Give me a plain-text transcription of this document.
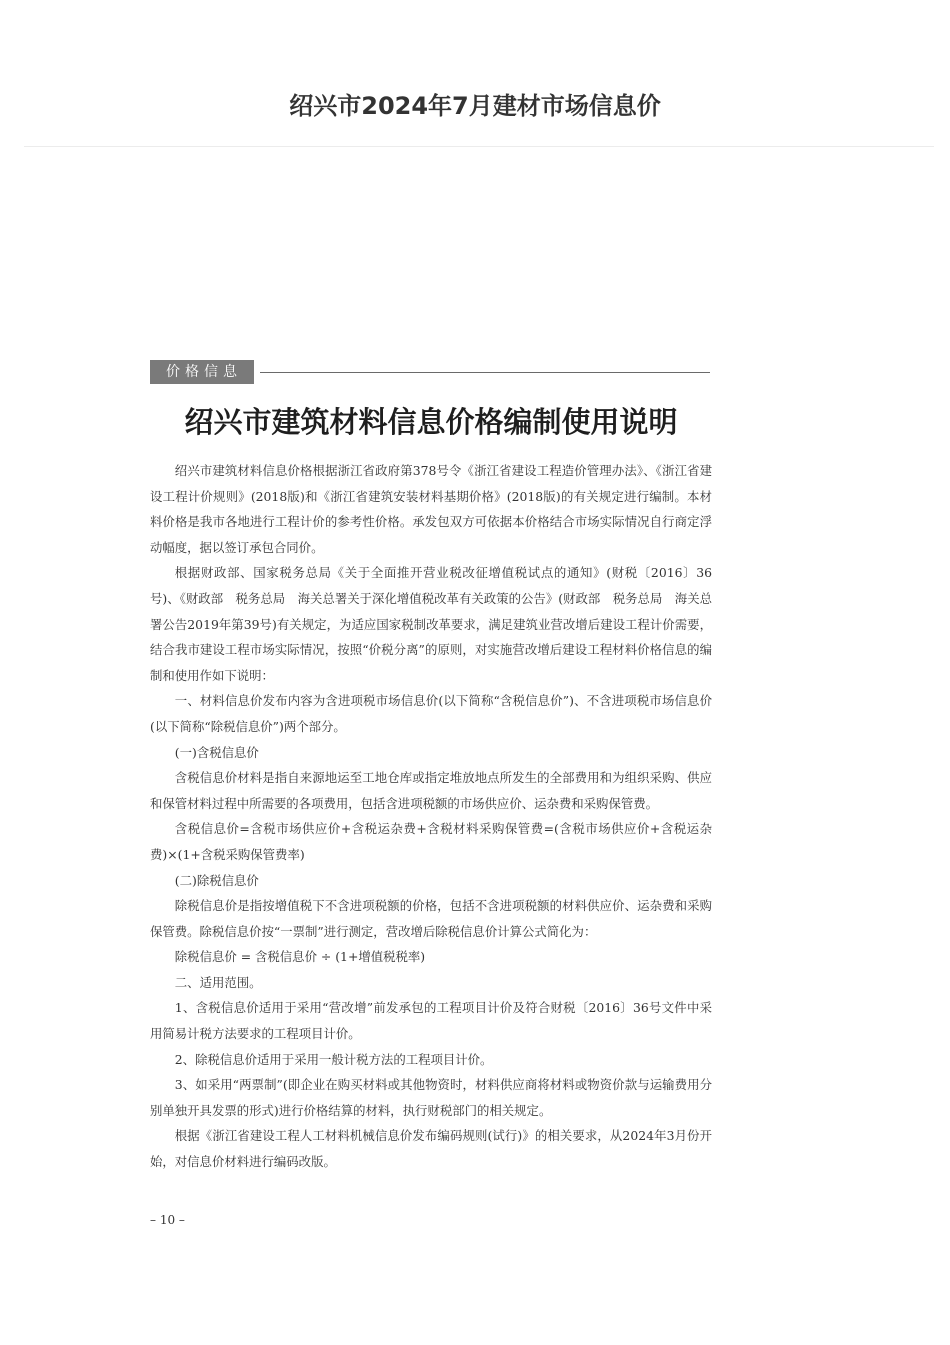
绍兴市2024年7月建材市场信息价
价格信息
绍兴市建筑材料信息价格编制使用说明

绍兴市建筑材料信息价格根据浙江省政府第378号令《浙江省建设工程造价管理办法》、《浙江省建设工程计价规则》(2018版)和《浙江省建筑安装材料基期价格》(2018版)的有关规定进行编制。本材料价格是我市各地进行工程计价的参考性价格。承发包双方可依据本价格结合市场实际情况自行商定浮动幅度，据以签订承包合同价。

根据财政部、国家税务总局《关于全面推开营业税改征增值税试点的通知》(财税〔2016〕36号)、《财政部　税务总局　海关总署关于深化增值税改革有关政策的公告》(财政部　税务总局　海关总署公告2019年第39号)有关规定，为适应国家税制改革要求，满足建筑业营改增后建设工程计价需要，结合我市建设工程市场实际情况，按照“价税分离”的原则，对实施营改增后建设工程材料价格信息的编制和使用作如下说明：

一、材料信息价发布内容为含进项税市场信息价(以下简称“含税信息价”)、不含进项税市场信息价(以下简称“除税信息价”)两个部分。

(一)含税信息价

含税信息价材料是指自来源地运至工地仓库或指定堆放地点所发生的全部费用和为组织采购、供应和保管材料过程中所需要的各项费用，包括含进项税额的市场供应价、运杂费和采购保管费。

含税信息价=含税市场供应价+含税运杂费+含税材料采购保管费=(含税市场供应价+含税运杂费)×(1+含税采购保管费率)

(二)除税信息价

除税信息价是指按增值税下不含进项税额的价格，包括不含进项税额的材料供应价、运杂费和采购保管费。除税信息价按“一票制”进行测定，营改增后除税信息价计算公式简化为：

除税信息价 = 含税信息价 ÷ (1+增值税税率)

二、适用范围。

1、含税信息价适用于采用“营改增”前发承包的工程项目计价及符合财税〔2016〕36号文件中采用简易计税方法要求的工程项目计价。

2、除税信息价适用于采用一般计税方法的工程项目计价。

3、如采用“两票制”(即企业在购买材料或其他物资时，材料供应商将材料或物资价款与运输费用分别单独开具发票的形式)进行价格结算的材料，执行财税部门的相关规定。

根据《浙江省建设工程人工材料机械信息价发布编码规则(试行)》的相关要求，从2024年3月份开始，对信息价材料进行编码改版。

– 10 –
